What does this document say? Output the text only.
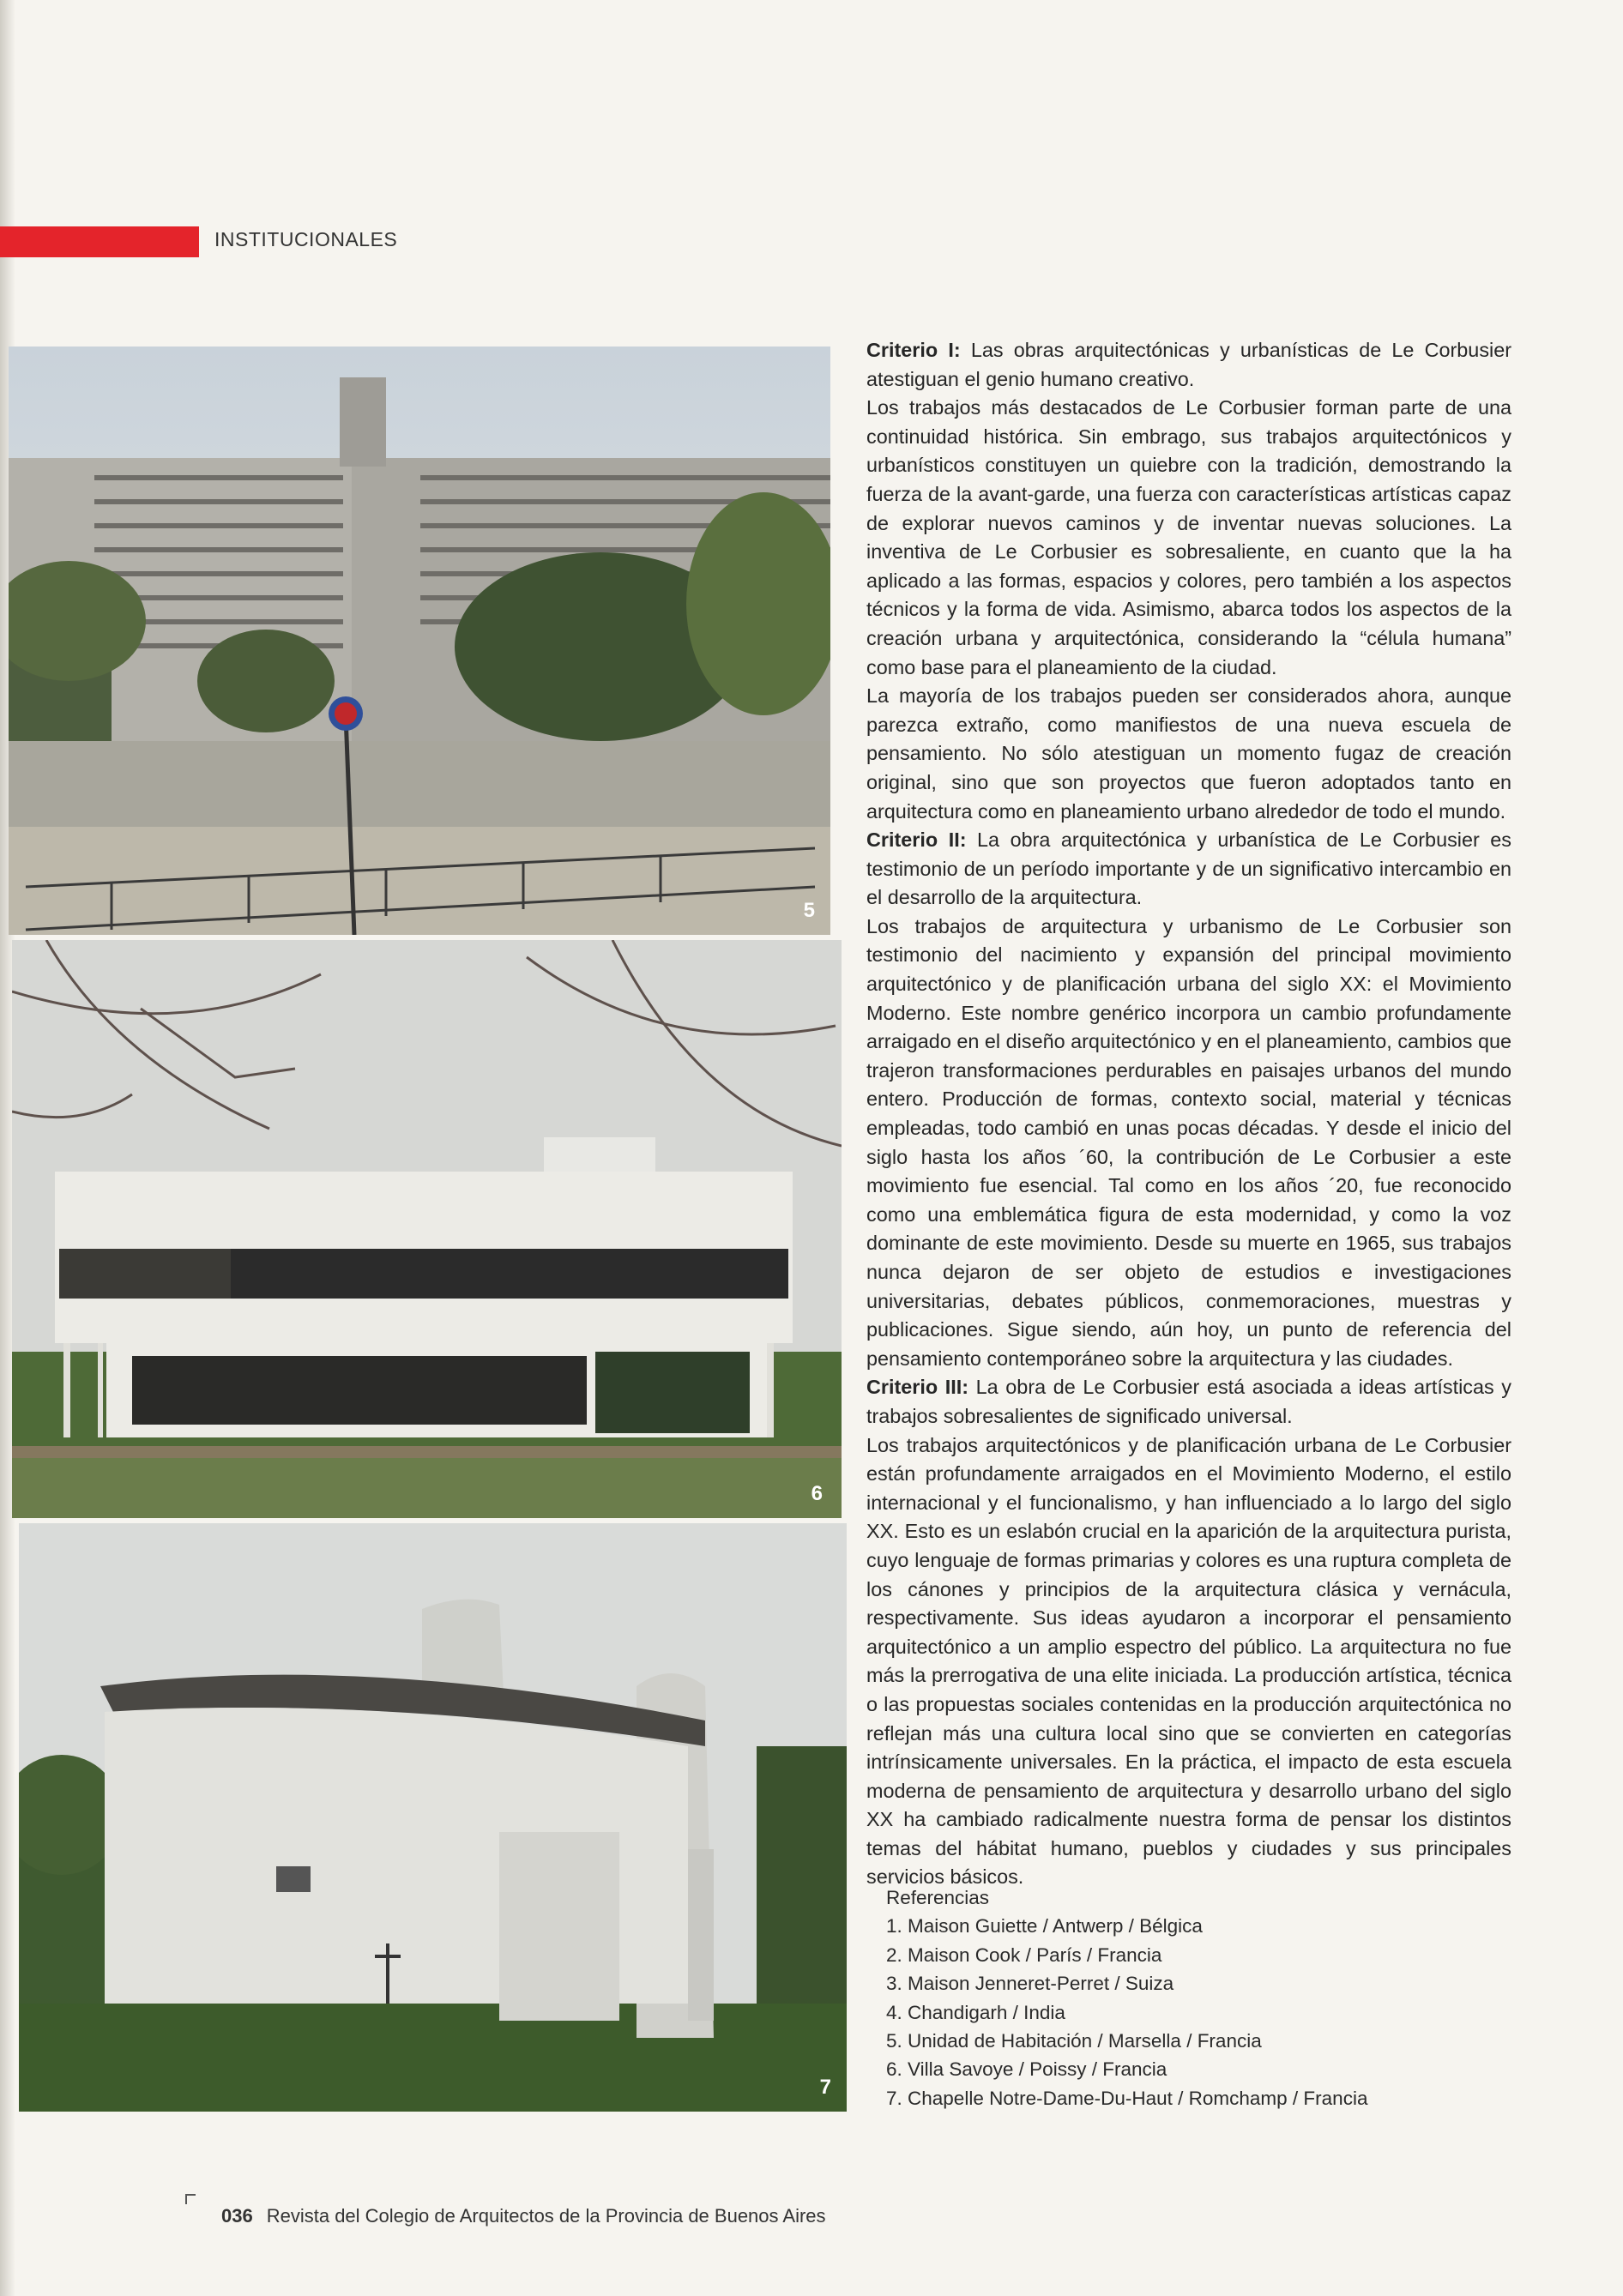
INSTITUCIONALES
5
6
7

Criterio I: Las obras arquitectónicas y urbanísticas de Le Corbusier atestiguan el genio humano creativo.

Los trabajos más destacados de Le Corbusier forman parte de una continuidad histórica. Sin embrago, sus trabajos arquitectónicos y urbanísticos constituyen un quiebre con la tradición, demostrando la fuerza de la avant-garde, una fuerza con características artísticas capaz de explorar nuevos caminos y de inventar nuevas soluciones. La inventiva de Le Corbusier es sobresaliente, en cuanto que la ha aplicado a las formas, espacios y colores, pero también a los aspectos técnicos y la forma de vida. Asimismo, abarca todos los aspectos de la creación urbana y arquitectónica, considerando la “célula humana” como base para el planeamiento de la ciudad.

La mayoría de los trabajos pueden ser considerados ahora, aunque parezca extraño, como manifiestos de una nueva escuela de pensamiento. No sólo atestiguan un momento fugaz de creación original, sino que son proyectos que fueron adoptados tanto en arquitectura como en planeamiento urbano alrededor de todo el mundo.

Criterio II: La obra arquitectónica y urbanística de Le Corbusier es testimonio de un período importante y de un significativo intercambio en el desarrollo de la arquitectura.

Los trabajos de arquitectura y urbanismo de Le Corbusier son testimonio del nacimiento y expansión del principal movimiento arquitectónico y de planificación urbana del siglo XX: el Movimiento Moderno. Este nombre genérico incorpora un cambio profundamente arraigado en el diseño arquitectónico y en el planeamiento, cambios que trajeron transformaciones perdurables en paisajes urbanos del mundo entero. Producción de formas, contexto social, material y técnicas empleadas, todo cambió en unas pocas décadas. Y desde el inicio del siglo hasta los años ´60, la contribución de Le Corbusier a este movimiento fue esencial. Tal como en los años ´20, fue reconocido como una emblemática figura de esta modernidad, y como la voz dominante de este movimiento. Desde su muerte en 1965, sus trabajos nunca dejaron de ser objeto de estudios e investigaciones universitarias, debates públicos, conmemoraciones, muestras y publicaciones. Sigue siendo, aún hoy, un punto de referencia del pensamiento contemporáneo sobre la arquitectura y las ciudades.

Criterio III: La obra de Le Corbusier está asociada a ideas artísticas y trabajos sobresalientes de significado universal.

Los trabajos arquitectónicos y de planificación urbana de Le Corbusier están profundamente arraigados en el Movimiento Moderno, el estilo internacional y el funcionalismo, y han influenciado a lo largo del siglo XX. Esto es un eslabón crucial en la aparición de la arquitectura purista, cuyo lenguaje de formas primarias y colores es una ruptura completa de los cánones y principios de la arquitectura clásica y vernácula, respectivamente. Sus ideas ayudaron a incorporar el pensamiento arquitectónico a un amplio espectro del público. La arquitectura no fue más la prerrogativa de una elite iniciada. La producción artística, técnica o las propuestas sociales contenidas en la producción arquitectónica no reflejan más una cultura local sino que se convierten en categorías intrínsicamente universales. En la práctica, el impacto de esta escuela moderna de pensamiento de arquitectura y desarrollo urbano del siglo XX ha cambiado radicalmente nuestra forma de pensar los distintos temas del hábitat humano, pueblos y ciudades y sus principales servicios básicos.

Referencias
1. Maison Guiette / Antwerp / Bélgica
2. Maison Cook / París / Francia
3. Maison Jenneret-Perret / Suiza
4. Chandigarh / India
5. Unidad de Habitación / Marsella / Francia
6. Villa Savoye / Poissy / Francia
7. Chapelle Notre-Dame-Du-Haut / Romchamp / Francia
036 Revista del Colegio de Arquitectos de la Provincia de Buenos Aires
